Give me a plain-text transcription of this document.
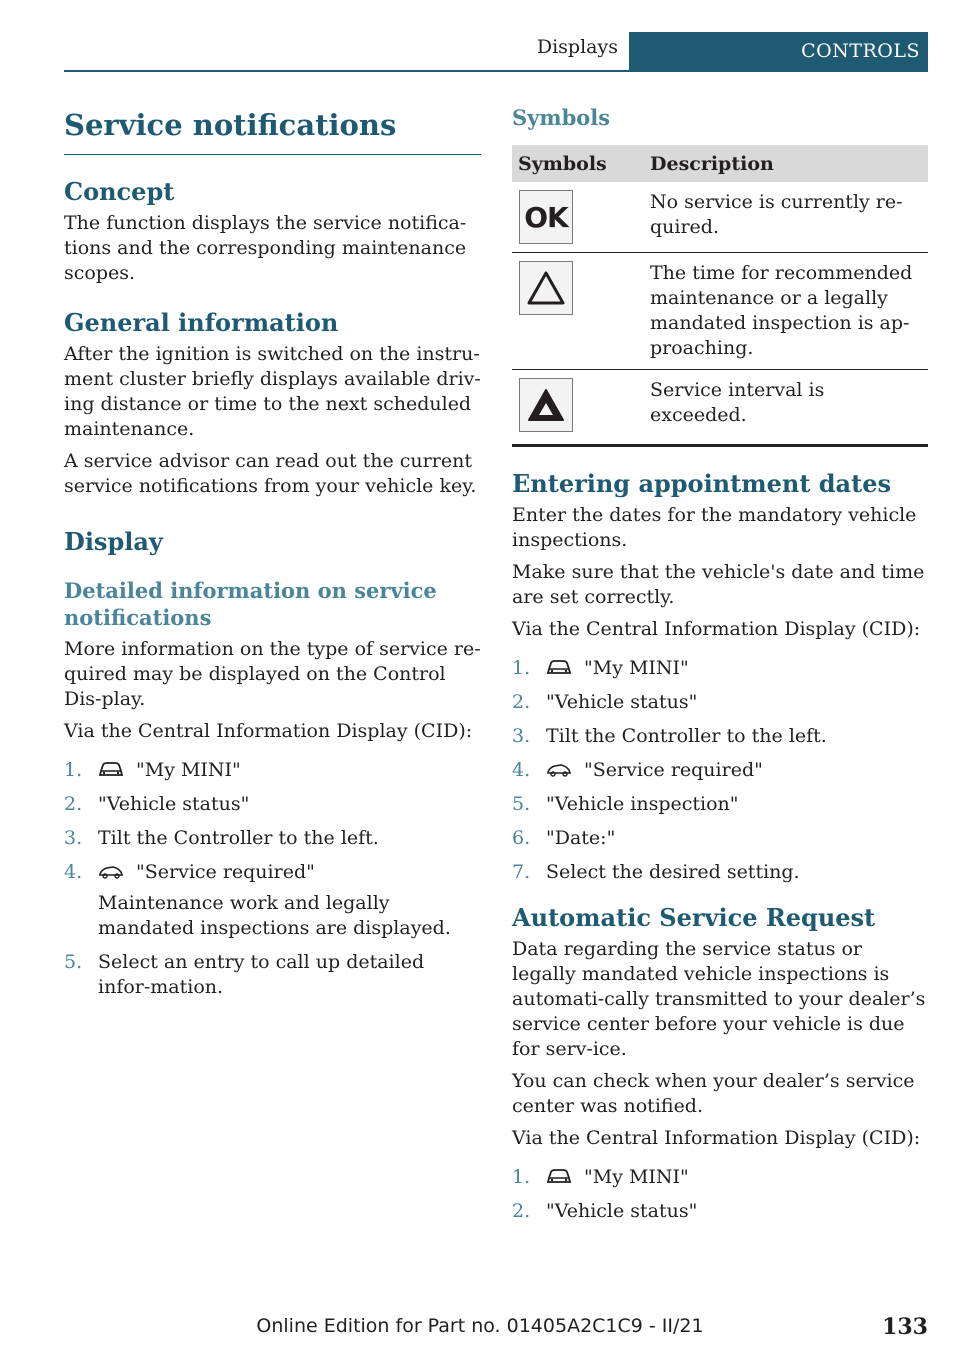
Displays	CONTROLS
Service notifications
Concept

The function displays the service notifica-tions and the corresponding maintenance scopes.

General information

After the ignition is switched on the instru-ment cluster briefly displays available driv-ing distance or time to the next scheduled maintenance.

A service advisor can read out the current service notifications from your vehicle key.

Display
Detailed information on service notifications

More information on the type of service re-quired may be displayed on the Control Dis-play.

Via the Central Information Display (CID):

1.	"My MINI"
2. "Vehicle status"
3. Tilt the Controller to the left.
4.	"Service required"
Maintenance work and legally mandated inspections are displayed.
5. Select an entry to call up detailed infor-mation.
Symbols
Symbols	Description

OK	No service is currently re-quired.

	The time for recommended maintenance or a legally mandated inspection is ap-proaching.

	Service interval is exceeded.
Entering appointment dates

Enter the dates for the mandatory vehicle inspections.

Make sure that the vehicle's date and time are set correctly.

Via the Central Information Display (CID):

1.	"My MINI"
2. "Vehicle status"
3. Tilt the Controller to the left.
4.	"Service required"
5. "Vehicle inspection"
6. "Date:"
7. Select the desired setting.
Automatic Service Request

Data regarding the service status or legally mandated vehicle inspections is automati-cally transmitted to your dealer’s service center before your vehicle is due for serv-ice.

You can check when your dealer’s service center was notified.

Via the Central Information Display (CID):

1.	"My MINI"
2. "Vehicle status"
Online Edition for Part no. 01405A2C1C9 - II/21	133
